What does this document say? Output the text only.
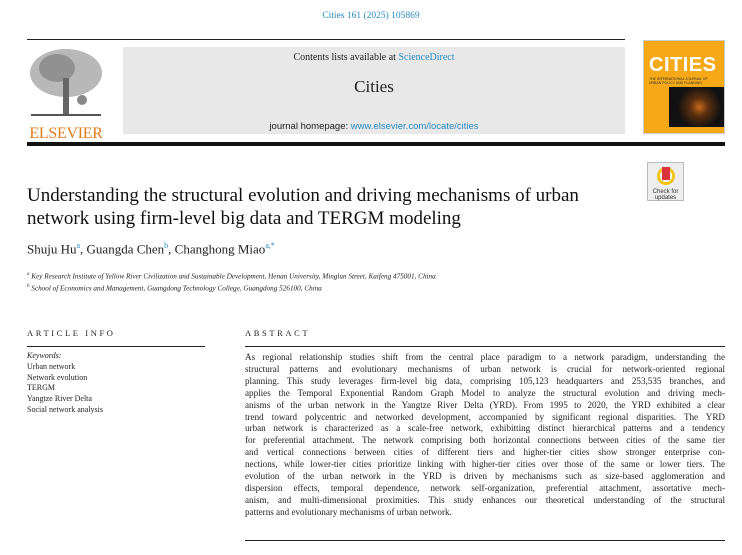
Cities 161 (2025) 105869
ELSEVIER
Contents lists available at ScienceDirect
Cities
journal homepage: www.elsevier.com/locate/cities
CITIES
THE INTERNATIONAL JOURNAL OF URBAN POLICY AND PLANNING
Check for updates
Understanding the structural evolution and driving mechanisms of urban network using firm-level big data and TERGM modeling
Shuju Hu$^a$, Guangda Chen$^b$, Changhong Miao$^{a,*}$
$^a$ Key Research Institute of Yellow River Civilization and Sustainable Development, Henan University, Minglun Street, Kaifeng 475001, China
$^b$ School of Economics and Management, Guangdong Technology College, Guangdong 526100, China
ARTICLE INFO
Keywords:
Urban network
Network evolution
TERGM
Yangtze River Delta
Social network analysis
ABSTRACT
As regional relationship studies shift from the central place paradigm to a network paradigm, understanding the
structural patterns and evolutionary mechanisms of urban network is crucial for network-oriented regional
planning. This study leverages firm-level big data, comprising 105,123 headquarters and 253,535 branches, and
applies the Temporal Exponential Random Graph Model to analyze the structural evolution and driving mech-
anisms of the urban network in the Yangtze River Delta (YRD). From 1995 to 2020, the YRD exhibited a clear
trend toward polycentric and networked development, accompanied by significant regional disparities. The YRD
urban network is characterized as a scale-free network, exhibitting distinct hierarchical patterns and a tendency
for preferential attachment. The network comprising both horizontal connections between cities of the same tier
and vertical connections between cities of different tiers and higher-tier cities show stronger enterprise con-
nections, while lower-tier cities prioritize linking with higher-tier cities over those of the same or lower tiers. The
evolution of the urban network in the YRD is driven by mechanisms such as size-based agglomeration and
dispersion effects, temporal dependence, network self-organization, preferential attachment, assortative mech-
anism, and multi-dimensional proximities. This study enhances our theoretical understanding of the structural
patterns and evolutionary mechanisms of urban network.
